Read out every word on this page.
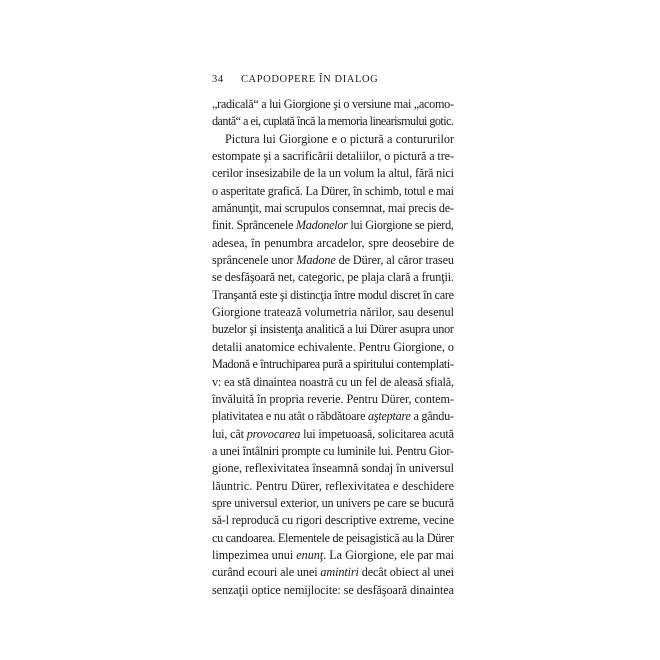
34 CAPODOPERE ÎN DIALOG
„radicală“ a lui Giorgione şi o versiune mai „acomo-
dantă“ a ei, cuplată încă la memoria linearismului gotic.
Pictura lui Giorgione e o pictură a contururilor
estompate şi a sacrificării detaliilor, o pictură a tre-
cerilor insesizabile de la un volum la altul, fără nici
o asperitate grafică. La Dürer, în schimb, totul e mai
amănunţit, mai scrupulos consemnat, mai precis de-
finit. Sprâncenele Madonelor lui Giorgione se pierd,
adesea, în penumbra arcadelor, spre deosebire de
sprâncenele unor Madone de Dürer, al căror traseu
se desfăşoară net, categoric, pe plaja clară a frunţii.
Tranşantă este şi distincţia între modul discret în care
Giorgione tratează volumetria nărilor, sau desenul
buzelor şi insistenţa analitică a lui Dürer asupra unor
detalii anatomice echivalente. Pentru Giorgione, o
Madonă e întruchiparea pură a spiritului contemplati-
v: ea stă dinaintea noastră cu un fel de aleasă sfială,
învăluită în propria reverie. Pentru Dürer, contem-
plativitatea e nu atât o răbdătoare aşteptare a gându-
lui, cât provocarea lui impetuoasă, solicitarea acută
a unei întâlniri prompte cu luminile lui. Pentru Gior-
gione, reflexivitatea înseamnă sondaj în universul
lăuntric. Pentru Dürer, reflexivitatea e deschidere
spre universul exterior, un univers pe care se bucură
să-l reproducă cu rigori descriptive extreme, vecine
cu candoarea. Elementele de peisagistică au la Dürer
limpezimea unui enunţ. La Giorgione, ele par mai
curând ecouri ale unei amintiri decât obiect al unei
senzaţii optice nemijlocite: se desfăşoară dinaintea
